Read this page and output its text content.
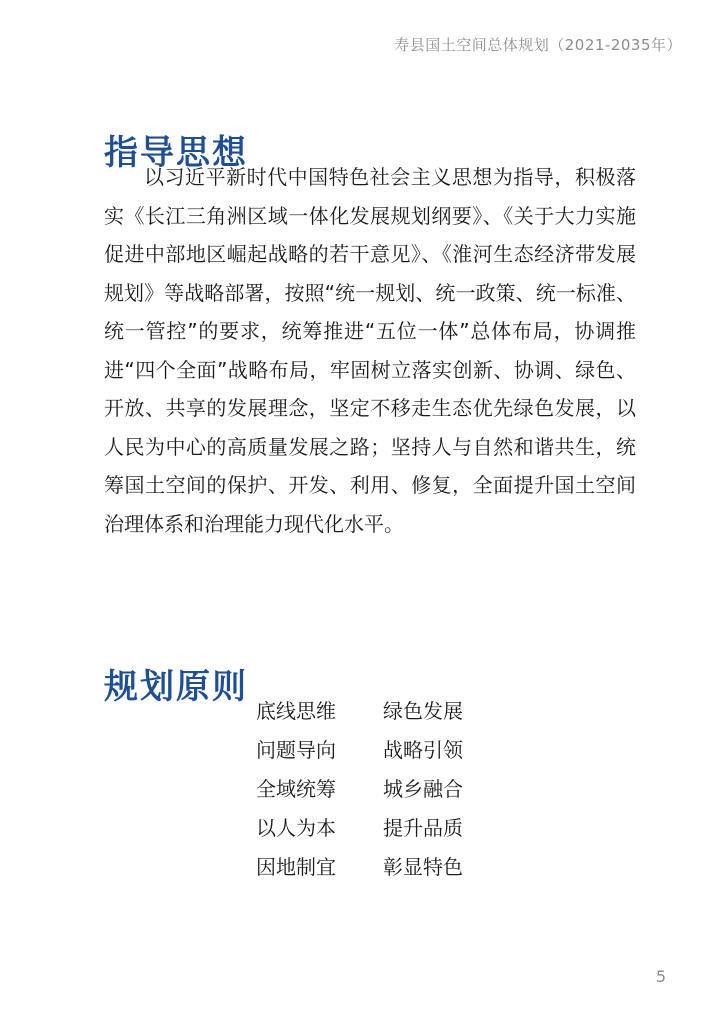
寿县国土空间总体规划（2021-2035年）
指导思想

以习近平新时代中国特色社会主义思想为指导，积极落实《长江三角洲区域一体化发展规划纲要》、《关于大力实施促进中部地区崛起战略的若干意见》、《淮河生态经济带发展规划》等战略部署，按照“统一规划、统一政策、统一标准、统一管控”的要求，统筹推进“五位一体”总体布局，协调推进“四个全面”战略布局，牢固树立落实创新、协调、绿色、开放、共享的发展理念，坚定不移走生态优先绿色发展，以人民为中心的高质量发展之路；坚持人与自然和谐共生，统筹国土空间的保护、开发、利用、修复，全面提升国土空间治理体系和治理能力现代化水平。

规划原则
底线思维	绿色发展
问题导向	战略引领
全域统筹	城乡融合
以人为本	提升品质
因地制宜	彰显特色
5
